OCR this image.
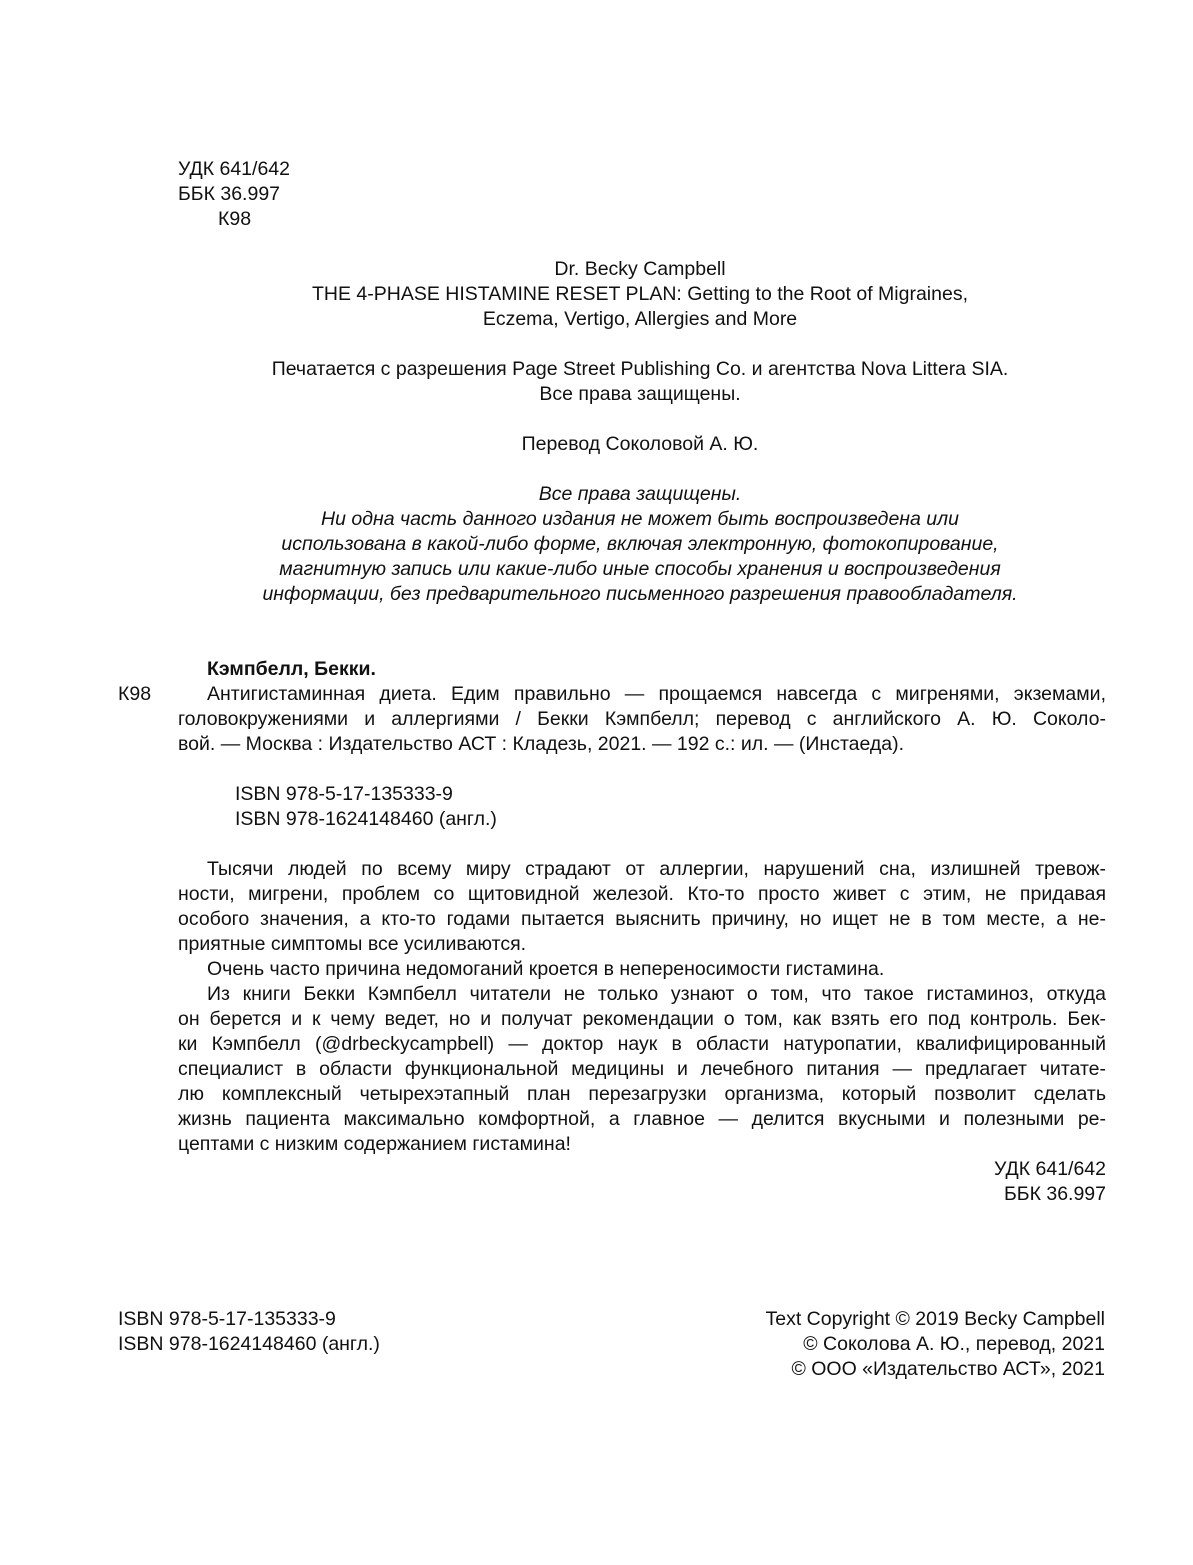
УДК 641/642
ББК 36.997
К98
Dr. Becky Campbell
THE 4-PHASE HISTAMINE RESET PLAN: Getting to the Root of Migraines,
Eczema, Vertigo, Allergies and More
Печатается с разрешения Page Street Publishing Co. и агентства Nova Littera SIA.
Все права защищены.
Перевод Соколовой А. Ю.
Все права защищены.
Ни одна часть данного издания не может быть воспроизведена или
использована в какой-либо форме, включая электронную, фотокопирование,
магнитную запись или какие-либо иные способы хранения и воспроизведения
информации, без предварительного письменного разрешения правообладателя.
Кэмпбелл, Бекки.
К98	Антигистаминная диета. Едим правильно — прощаемся навсегда с мигренями, экземами,
головокружениями и аллергиями / Бекки Кэмпбелл; перевод с английского А. Ю. Соколо-
вой. — Москва : Издательство АСТ : Кладезь, 2021. — 192 с.: ил. — (Инстаеда).
ISBN 978-5-17-135333-9
ISBN 978-1624148460 (англ.)
Тысячи людей по всему миру страдают от аллергии, нарушений сна, излишней тревож-
ности, мигрени, проблем со щитовидной железой. Кто-то просто живет с этим, не придавая
особого значения, а кто-то годами пытается выяснить причину, но ищет не в том месте, а не-
приятные симптомы все усиливаются.
Очень часто причина недомоганий кроется в непереносимости гистамина.
Из книги Бекки Кэмпбелл читатели не только узнают о том, что такое гистаминоз, откуда
он берется и к чему ведет, но и получат рекомендации о том, как взять его под контроль. Бек-
ки Кэмпбелл (@drbeckycampbell) — доктор наук в области натуропатии, квалифицированный
специалист в области функциональной медицины и лечебного питания — предлагает читате-
лю комплексный четырехэтапный план перезагрузки организма, который позволит сделать
жизнь пациента максимально комфортной, а главное — делится вкусными и полезными ре-
цептами с низким содержанием гистамина!
УДК 641/642
ББК 36.997
ISBN 978-5-17-135333-9
ISBN 978-1624148460 (англ.)
Text Copyright © 2019 Becky Campbell
© Соколова А. Ю., перевод, 2021
© ООО «Издательство АСТ», 2021
